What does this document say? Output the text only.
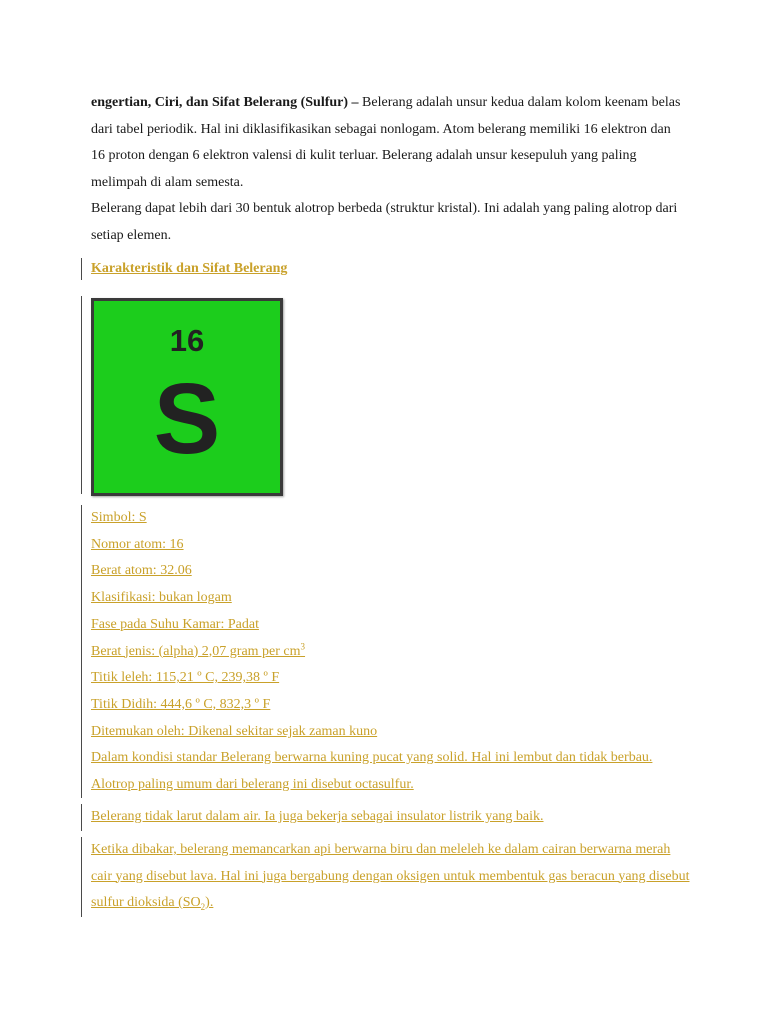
engertian, Ciri, dan Sifat Belerang (Sulfur) – Belerang adalah unsur kedua dalam kolom keenam belas dari tabel periodik. Hal ini diklasifikasikan sebagai nonlogam. Atom belerang memiliki 16 elektron dan 16 proton dengan 6 elektron valensi di kulit terluar. Belerang adalah unsur kesepuluh yang paling melimpah di alam semesta.
Belerang dapat lebih dari 30 bentuk alotrop berbeda (struktur kristal). Ini adalah yang paling alotrop dari setiap elemen.

Karakteristik dan Sifat Belerang
16
S
Simbol: S
Nomor atom: 16
Berat atom: 32.06
Klasifikasi: bukan logam
Fase pada Suhu Kamar: Padat
Berat jenis: (alpha) 2,07 gram per $cm^3$
Titik leleh: 115,21 º C, 239,38 º F
Titik Didih: 444,6 º C, 832,3 º F
Ditemukan oleh: Dikenal sekitar sejak zaman kuno
Dalam kondisi standar Belerang berwarna kuning pucat yang solid. Hal ini lembut dan tidak berbau. Alotrop paling umum dari belerang ini disebut octasulfur.
Belerang tidak larut dalam air. Ia juga bekerja sebagai insulator listrik yang baik.
Ketika dibakar, belerang memancarkan api berwarna biru dan meleleh ke dalam cairan berwarna merah cair yang disebut lava. Hal ini juga bergabung dengan oksigen untuk membentuk gas beracun yang disebut sulfur dioksida $(SO_2)$.
